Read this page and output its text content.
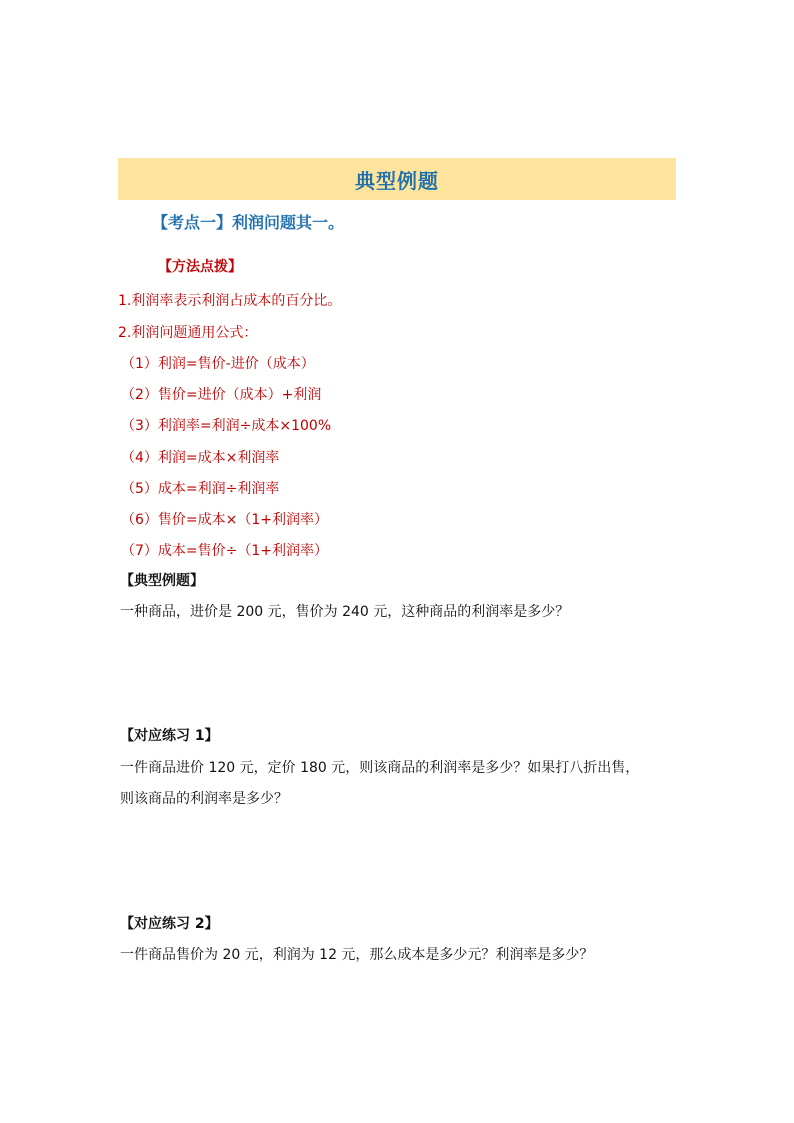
典型例题
【考点一】利润问题其一。
【方法点拨】
1.利润率表示利润占成本的百分比。
2.利润问题通用公式：
（1）利润=售价-进价（成本）
（2）售价=进价（成本）+利润
（3）利润率=利润÷成本×100%
（4）利润=成本×利润率
（5）成本=利润÷利润率
（6）售价=成本×（1+利润率）
（7）成本=售价÷（1+利润率）
【典型例题】
一种商品，进价是 200 元，售价为 240 元，这种商品的利润率是多少？
【对应练习 1】
一件商品进价 120 元，定价 180 元，则该商品的利润率是多少？如果打八折出售，
则该商品的利润率是多少？
【对应练习 2】
一件商品售价为 20 元，利润为 12 元，那么成本是多少元？利润率是多少？
